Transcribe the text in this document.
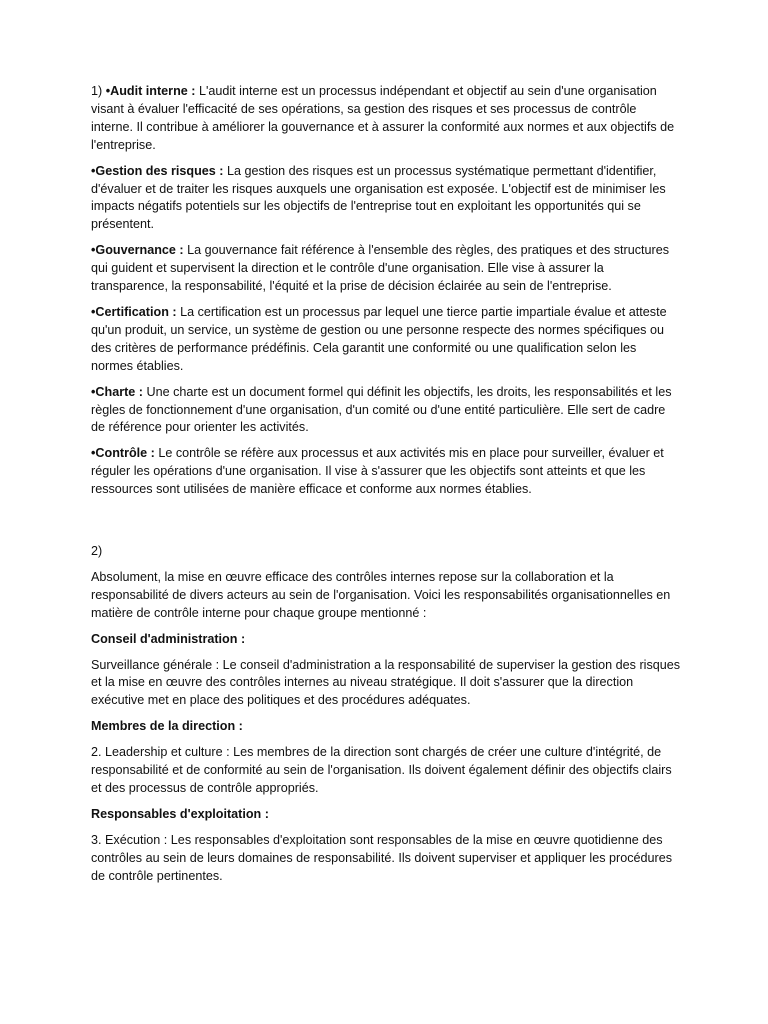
1) •Audit interne : L'audit interne est un processus indépendant et objectif au sein d'une organisation visant à évaluer l'efficacité de ses opérations, sa gestion des risques et ses processus de contrôle interne. Il contribue à améliorer la gouvernance et à assurer la conformité aux normes et aux objectifs de l'entreprise.

•Gestion des risques : La gestion des risques est un processus systématique permettant d'identifier, d'évaluer et de traiter les risques auxquels une organisation est exposée. L'objectif est de minimiser les impacts négatifs potentiels sur les objectifs de l'entreprise tout en exploitant les opportunités qui se présentent.

•Gouvernance : La gouvernance fait référence à l'ensemble des règles, des pratiques et des structures qui guident et supervisent la direction et le contrôle d'une organisation. Elle vise à assurer la transparence, la responsabilité, l'équité et la prise de décision éclairée au sein de l'entreprise.

•Certification : La certification est un processus par lequel une tierce partie impartiale évalue et atteste qu'un produit, un service, un système de gestion ou une personne respecte des normes spécifiques ou des critères de performance prédéfinis. Cela garantit une conformité ou une qualification selon les normes établies.

•Charte : Une charte est un document formel qui définit les objectifs, les droits, les responsabilités et les règles de fonctionnement d'une organisation, d'un comité ou d'une entité particulière. Elle sert de cadre de référence pour orienter les activités.

•Contrôle : Le contrôle se réfère aux processus et aux activités mis en place pour surveiller, évaluer et réguler les opérations d'une organisation. Il vise à s'assurer que les objectifs sont atteints et que les ressources sont utilisées de manière efficace et conforme aux normes établies.

2)

Absolument, la mise en œuvre efficace des contrôles internes repose sur la collaboration et la responsabilité de divers acteurs au sein de l'organisation. Voici les responsabilités organisationnelles en matière de contrôle interne pour chaque groupe mentionné :

Conseil d'administration :

Surveillance générale : Le conseil d'administration a la responsabilité de superviser la gestion des risques et la mise en œuvre des contrôles internes au niveau stratégique. Il doit s'assurer que la direction exécutive met en place des politiques et des procédures adéquates.

Membres de la direction :

2. Leadership et culture : Les membres de la direction sont chargés de créer une culture d'intégrité, de responsabilité et de conformité au sein de l'organisation. Ils doivent également définir des objectifs clairs et des processus de contrôle appropriés.

Responsables d'exploitation :

3. Exécution : Les responsables d'exploitation sont responsables de la mise en œuvre quotidienne des contrôles au sein de leurs domaines de responsabilité. Ils doivent superviser et appliquer les procédures de contrôle pertinentes.
